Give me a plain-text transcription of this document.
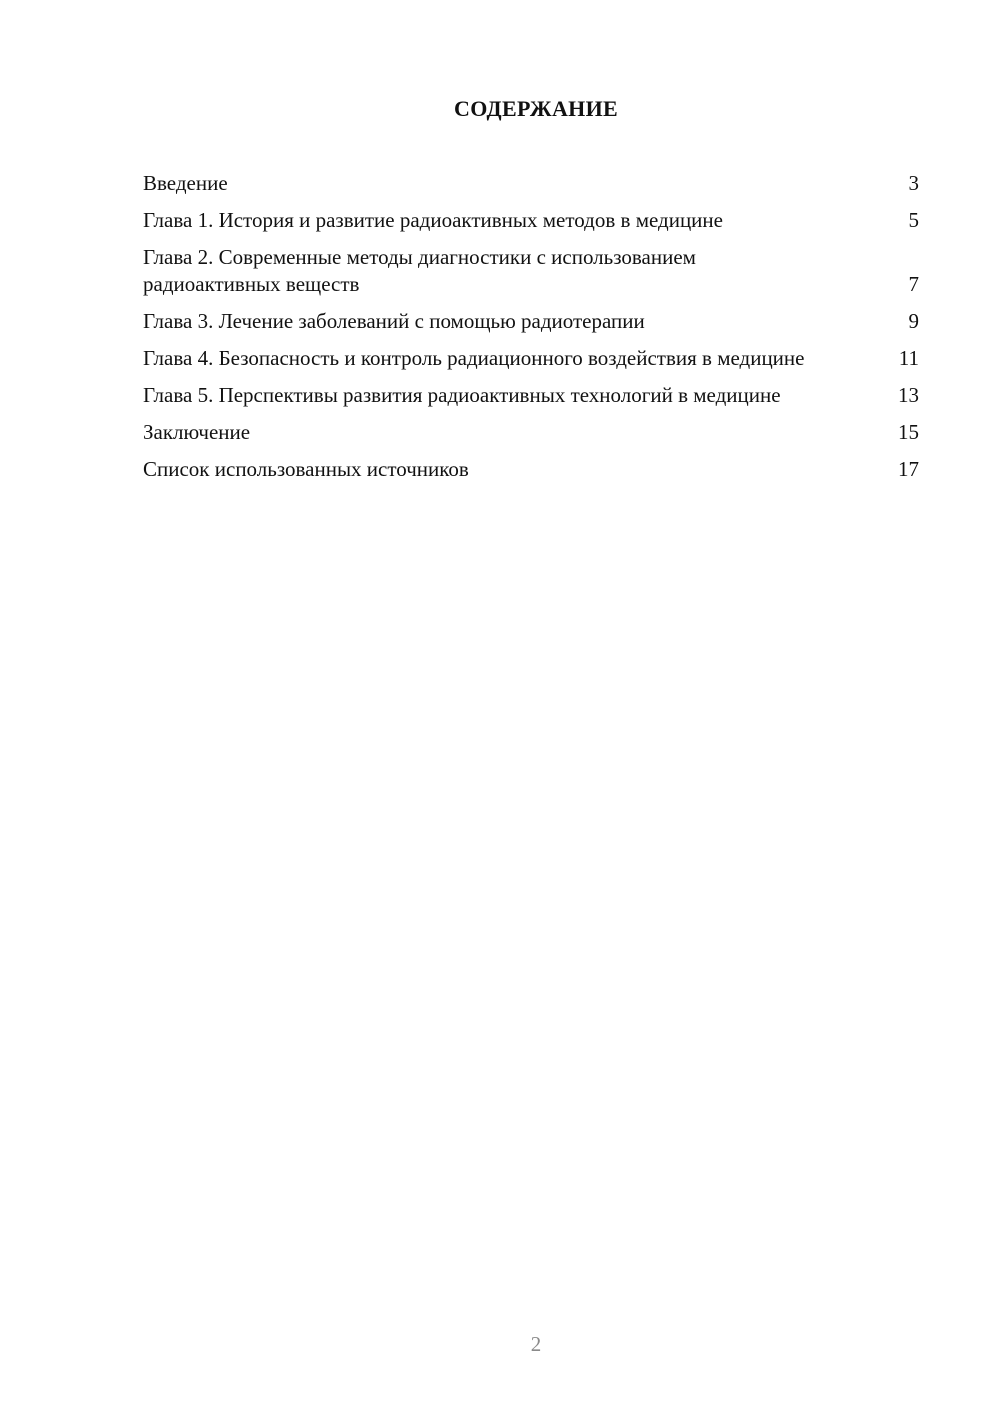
СОДЕРЖАНИЕ
Введение	3
Глава 1. История и развитие радиоактивных методов в медицине	5
Глава 2. Современные методы диагностики с использованием радиоактивных веществ	7
Глава 3. Лечение заболеваний с помощью радиотерапии	9
Глава 4. Безопасность и контроль радиационного воздействия в медицине	11
Глава 5. Перспективы развития радиоактивных технологий в медицине	13
Заключение	15
Список использованных источников	17
2
